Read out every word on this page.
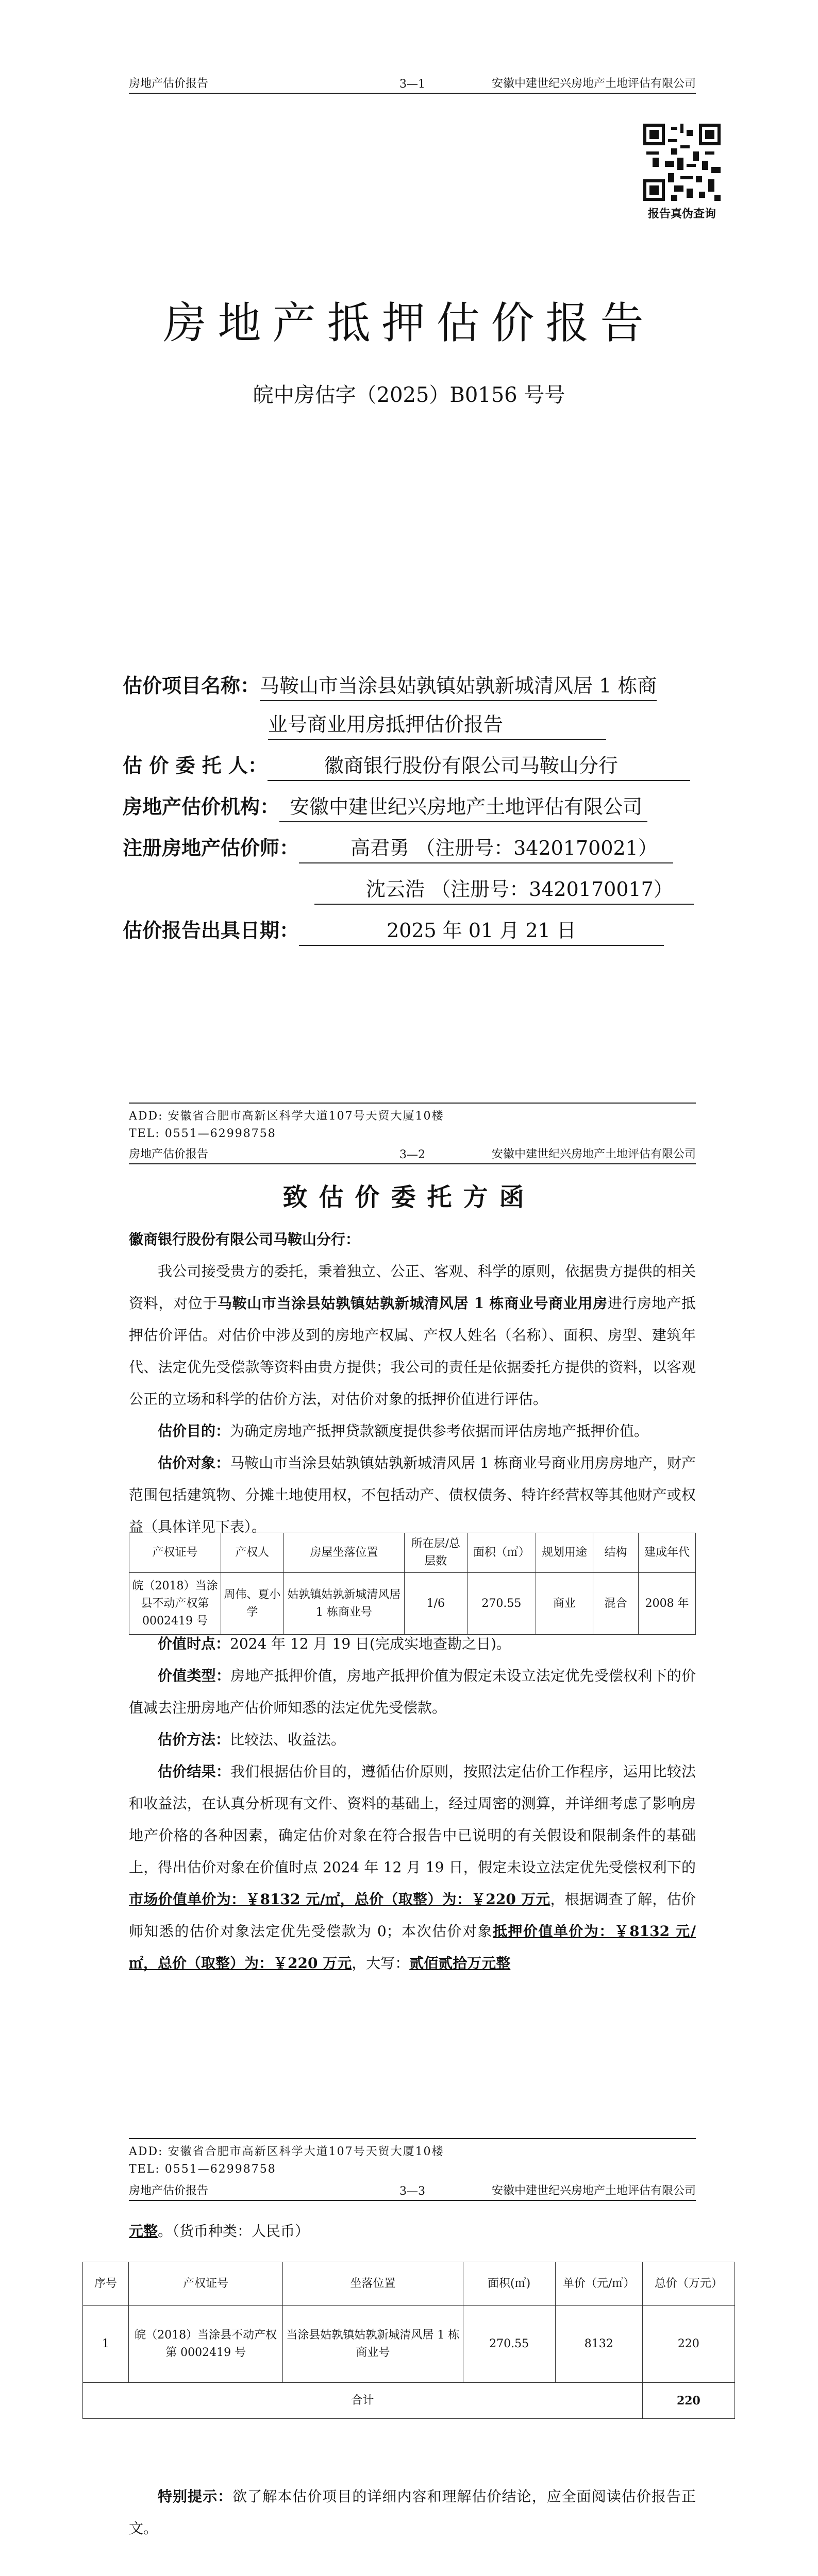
房地产估价报告	3—1	安徽中建世纪兴房地产土地评估有限公司
报告真伪查询
房地产抵押估价报告
皖中房估字（2025）B0156 号号
估价项目名称：马鞍山市当涂县姑孰镇姑孰新城清风居 1 栋商
业号商业用房抵押估价报告
估 价 委 托 人：	徽商银行股份有限公司马鞍山分行
房地产估价机构： 安徽中建世纪兴房地产土地评估有限公司
注册房地产估价师：	高君勇 （注册号：3420170021）
沈云浩 （注册号：3420170017）
估价报告出具日期：	2025 年 01 月 21 日
ADD: 安徽省合肥市高新区科学大道107号天贸大厦10楼
TEL: 0551—62998758
房地产估价报告	3—2	安徽中建世纪兴房地产土地评估有限公司
致估价委托方函
徽商银行股份有限公司马鞍山分行：
我公司接受贵方的委托，秉着独立、公正、客观、科学的原则，依据贵方提供的相关资料，对位于马鞍山市当涂县姑孰镇姑孰新城清风居 1 栋商业号商业用房进行房地产抵押估价评估。对估价中涉及到的房地产权属、产权人姓名（名称）、面积、房型、建筑年代、法定优先受偿款等资料由贵方提供；我公司的责任是依据委托方提供的资料，以客观公正的立场和科学的估价方法，对估价对象的抵押价值进行评估。
估价目的：为确定房地产抵押贷款额度提供参考依据而评估房地产抵押价值。
估价对象：马鞍山市当涂县姑孰镇姑孰新城清风居 1 栋商业号商业用房房地产，财产范围包括建筑物、分摊土地使用权，不包括动产、债权债务、特许经营权等其他财产或权益（具体详见下表）。
产权证号	产权人	房屋坐落位置	所在层/总层数	面积（㎡）	规划用途	结构	建成年代
皖（2018）当涂县不动产权第 0002419 号	周伟、夏小学	姑孰镇姑孰新城清风居 1 栋商业号	1/6	270.55	商业	混合	2008 年
价值时点：2024 年 12 月 19 日(完成实地查勘之日)。
价值类型：房地产抵押价值，房地产抵押价值为假定未设立法定优先受偿权利下的价值减去注册房地产估价师知悉的法定优先受偿款。
估价方法：比较法、收益法。
估价结果：我们根据估价目的，遵循估价原则，按照法定估价工作程序，运用比较法和收益法，在认真分析现有文件、资料的基础上，经过周密的测算，并详细考虑了影响房地产价格的各种因素，确定估价对象在符合报告中已说明的有关假设和限制条件的基础上，得出估价对象在价值时点 2024 年 12 月 19 日，假定未设立法定优先受偿权利下的市场价值单价为：￥8132 元/㎡，总价（取整）为：￥220 万元，根据调查了解，估价师知悉的估价对象法定优先受偿款为 0；本次估价对象抵押价值单价为：￥8132 元/㎡，总价（取整）为：￥220 万元，大写：贰佰贰拾万元整
ADD: 安徽省合肥市高新区科学大道107号天贸大厦10楼
TEL: 0551—62998758
房地产估价报告	3—3	安徽中建世纪兴房地产土地评估有限公司
元整。（货币种类：人民币）
序号	产权证号	坐落位置	面积(㎡)	单价（元/㎡）	总价（万元）
1	皖（2018）当涂县不动产权第 0002419 号	当涂县姑孰镇姑孰新城清风居 1 栋商业号	270.55	8132	220
合计					220
特别提示：欲了解本估价项目的详细内容和理解估价结论，应全面阅读估价报告正文。
